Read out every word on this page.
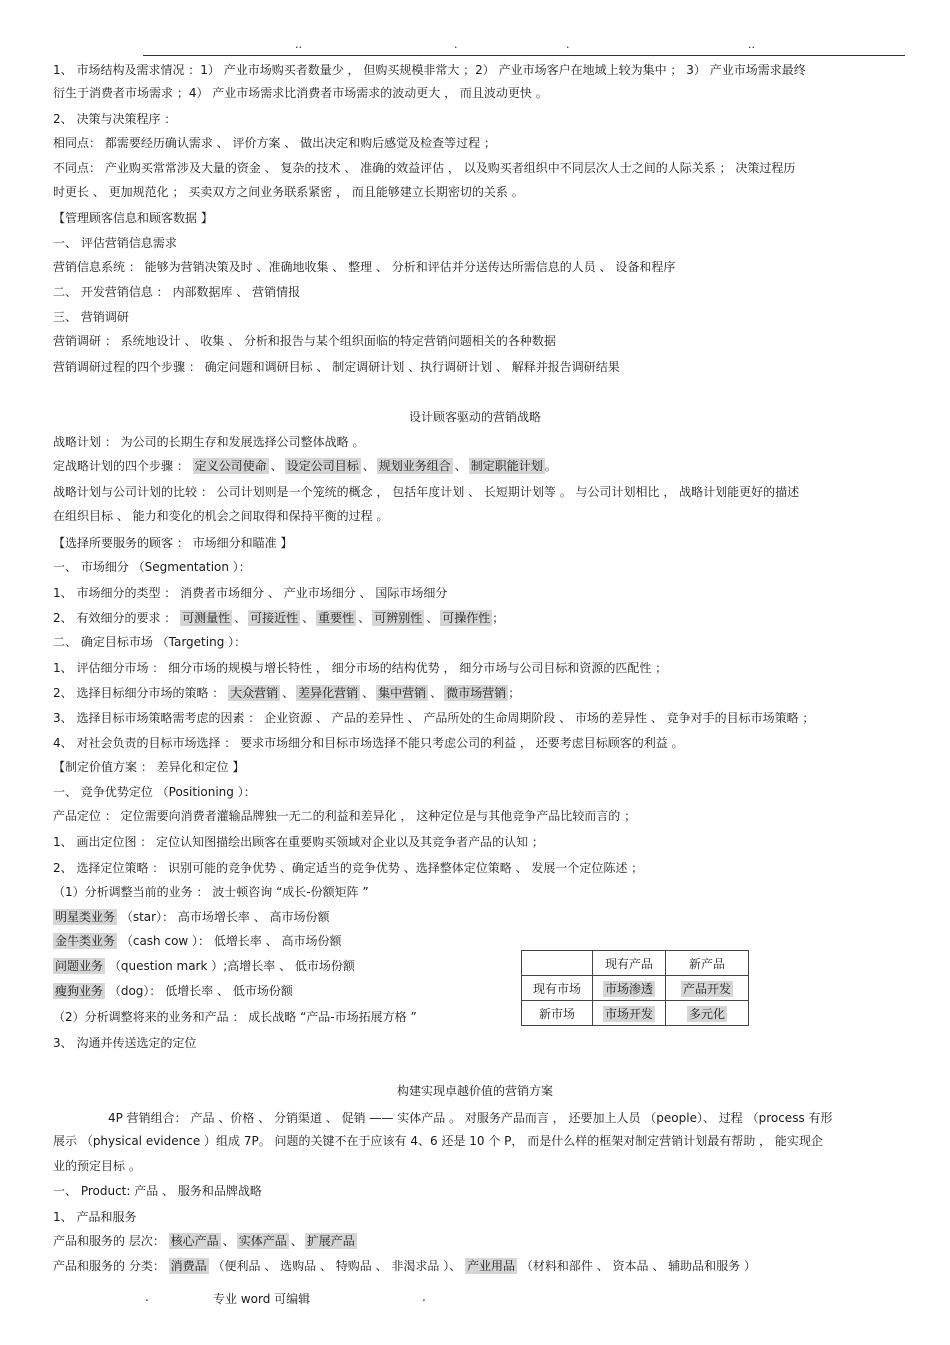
..	.	.	..
1、 市场结构及需求情况 ：1） 产业市场购买者数量少 ， 但购买规模非常大 ；2） 产业市场客户在地域上较为集中 ； 3） 产业市场需求最终
衍生于消费者市场需求 ；4） 产业市场需求比消费者市场需求的波动更大 ， 而且波动更快 。
2、 决策与决策程序 ：
相同点： 都需要经历确认需求 、 评价方案 、 做出决定和购后感觉及检查等过程 ；
不同点： 产业购买常常涉及大量的资金 、 复杂的技术 、 准确的效益评估 ， 以及购买者组织中不同层次人士之间的人际关系 ； 决策过程历
时更长 、 更加规范化 ； 买卖双方之间业务联系紧密 ， 而且能够建立长期密切的关系 。
【管理顾客信息和顾客数据 】
一、 评估营销信息需求
营销信息系统 ： 能够为营销决策及时 、准确地收集 、 整理 、 分析和评估并分送传达所需信息的人员 、 设备和程序
二、 开发营销信息 ： 内部数据库 、 营销情报
三、 营销调研
营销调研 ： 系统地设计 、 收集 、 分析和报告与某个组织面临的特定营销问题相关的各种数据
营销调研过程的四个步骤 ： 确定问题和调研目标 、 制定调研计划 、执行调研计划 、 解释并报告调研结果
设计顾客驱动的营销战略
战略计划 ： 为公司的长期生存和发展选择公司整体战略 。
定战略计划的四个步骤 ： 定义公司使命 、 设定公司目标 、 规划业务组合 、 制定职能计划 。
战略计划与公司计划的比较 ： 公司计划则是一个笼统的概念 ， 包括年度计划 、 长短期计划等 。 与公司计划相比 ， 战略计划能更好的描述
在组织目标 、 能力和变化的机会之间取得和保持平衡的过程 。
【选择所要服务的顾客 ： 市场细分和瞄准 】
一、 市场细分 （Segmentation ）：
1、 市场细分的类型 ： 消费者市场细分 、 产业市场细分 、 国际市场细分
2、 有效细分的要求 ： 可测量性 、 可接近性 、 重要性 、 可辨别性 、 可操作性 ；
二、 确定目标市场 （Targeting ）：
1、 评估细分市场 ： 细分市场的规模与增长特性 ， 细分市场的结构优势 ， 细分市场与公司目标和资源的匹配性 ；
2、 选择目标细分市场的策略 ： 大众营销 、 差异化营销 、 集中营销 、 微市场营销 ；
3、 选择目标市场策略需考虑的因素 ： 企业资源 、 产品的差异性 、 产品所处的生命周期阶段 、 市场的差异性 、 竞争对手的目标市场策略 ；
4、 对社会负责的目标市场选择 ： 要求市场细分和目标市场选择不能只考虑公司的利益 ， 还要考虑目标顾客的利益 。
【制定价值方案 ： 差异化和定位 】
一、 竞争优势定位 （Positioning ）：
产品定位 ： 定位需要向消费者灌输品牌独一无二的利益和差异化 ， 这种定位是与其他竞争产品比较而言的 ；
1、 画出定位图 ： 定位认知图描绘出顾客在重要购买领域对企业以及其竞争者产品的认知 ；
2、 选择定位策略 ： 识别可能的竞争优势 、确定适当的竞争优势 、选择整体定位策略 、 发展一个定位陈述 ；
（1）分析调整当前的业务 ： 波士顿咨询 “成长-份额矩阵 ”
明星类业务 （star）： 高市场增长率 、 高市场份额
金牛类业务 （cash cow ）： 低增长率 、 高市场份额
问题业务 （question mark ）;高增长率 、 低市场份额
瘦狗业务 （dog）： 低增长率 、 低市场份额
（2）分析调整将来的业务和产品 ： 成长战略 “产品-市场拓展方格 ”
3、 沟通并传送选定的定位
	现有产品	新产品
现有市场	市场渗透	产品开发
新市场	市场开发	多元化
构建实现卓越价值的营销方案
4P 营销组合： 产品 、价格 、 分销渠道 、 促销 —— 实体产品 。 对服务产品而言 ， 还要加上人员 （people）、 过程 （process 有形
展示 （physical evidence ）组成 7P。 问题的关键不在于应该有 4、6 还是 10 个 P， 而是什么样的框架对制定营销计划最有帮助 ， 能实现企
业的预定目标 。
一、 Product: 产品 、 服务和品牌战略
1、 产品和服务
产品和服务的 层次： 核心产品 、 实体产品 、 扩展产品
产品和服务的 分类： 消费品 （便利品 、 选购品 、 特购品 、 非渴求品 ）、 产业用品 （材料和部件 、 资本品 、 辅助品和服务 ）
.	专业 word 可编辑	.
